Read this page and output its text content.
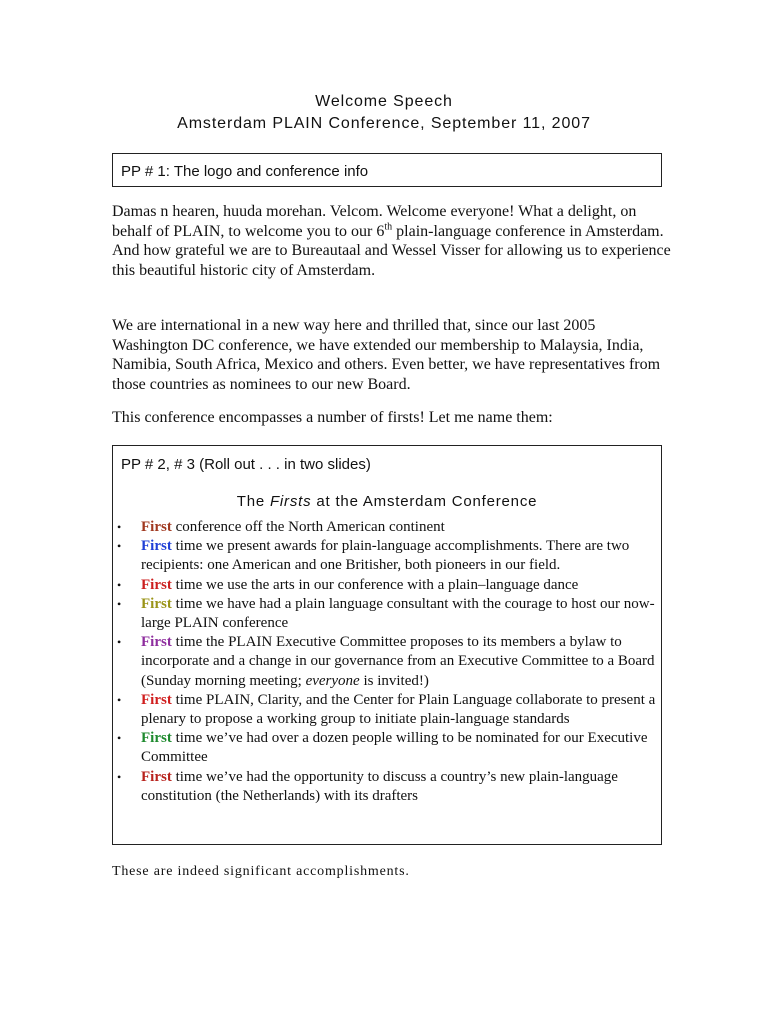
Welcome Speech
Amsterdam PLAIN Conference, September 11, 2007
PP # 1: The logo and conference info

Damas n hearen, huuda morehan. Velcom. Welcome everyone! What a delight, on behalf of PLAIN, to welcome you to our 6th plain-language conference in Amsterdam. And how grateful we are to Bureautaal and Wessel Visser for allowing us to experience this beautiful historic city of Amsterdam.

We are international in a new way here and thrilled that, since our last 2005 Washington DC conference, we have extended our membership to Malaysia, India, Namibia, South Africa, Mexico and others. Even better, we have representatives from those countries as nominees to our new Board.

This conference encompasses a number of firsts! Let me name them:

PP # 2, # 3 (Roll out . . . in two slides)
The Firsts at the Amsterdam Conference
• First conference off the North American continent
• First time we present awards for plain-language accomplishments. There are two recipients: one American and one Britisher, both pioneers in our field.
• First time we use the arts in our conference with a plain–language dance
• First time we have had a plain language consultant with the courage to host our now-large PLAIN conference
• First time the PLAIN Executive Committee proposes to its members a bylaw to incorporate and a change in our governance from an Executive Committee to a Board (Sunday morning meeting; everyone is invited!)
• First time PLAIN, Clarity, and the Center for Plain Language collaborate to present a plenary to propose a working group to initiate plain-language standards
• First time we’ve had over a dozen people willing to be nominated for our Executive Committee
• First time we’ve had the opportunity to discuss a country’s new plain-language constitution (the Netherlands) with its drafters

These are indeed significant accomplishments.
